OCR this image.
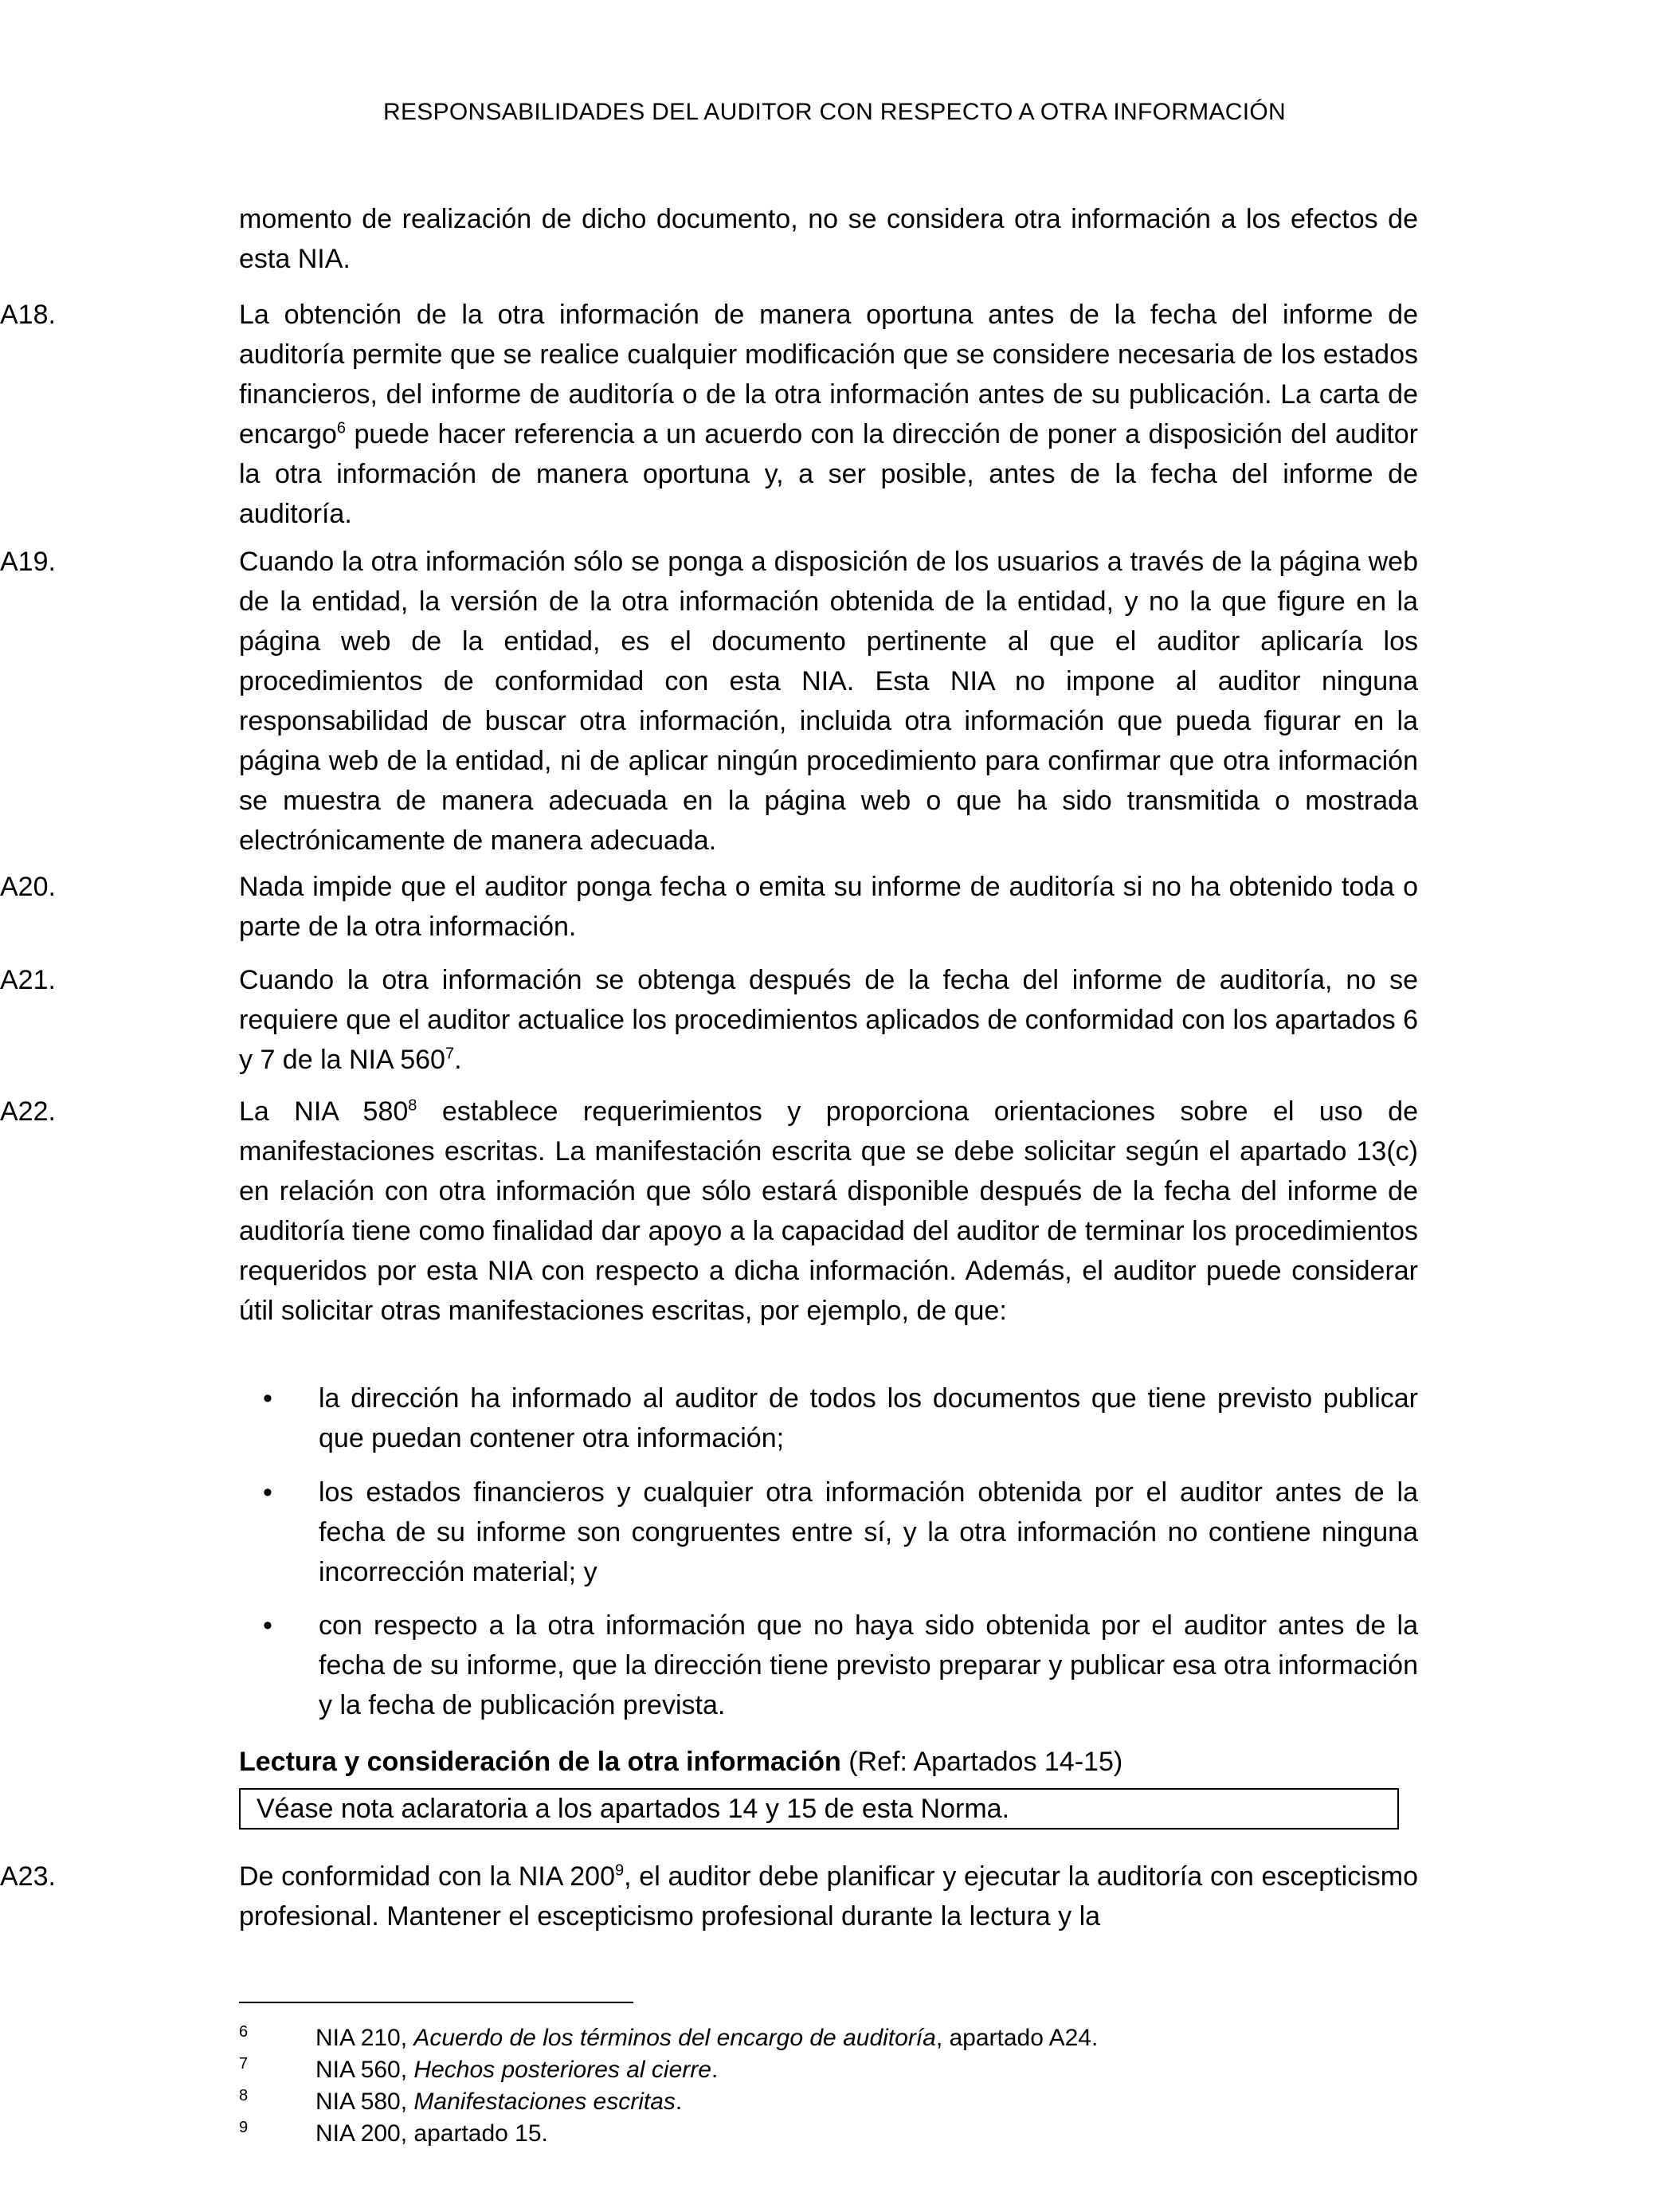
RESPONSABILIDADES DEL AUDITOR CON RESPECTO A OTRA INFORMACIÓN
momento de realización de dicho documento, no se considera otra información a los efectos de esta NIA.
A18.	La obtención de la otra información de manera oportuna antes de la fecha del informe de auditoría permite que se realice cualquier modificación que se considere necesaria de los estados financieros, del informe de auditoría o de la otra información antes de su publicación. La carta de encargo$^6$ puede hacer referencia a un acuerdo con la dirección de poner a disposición del auditor la otra información de manera oportuna y, a ser posible, antes de la fecha del informe de auditoría.
A19.	Cuando la otra información sólo se ponga a disposición de los usuarios a través de la página web de la entidad, la versión de la otra información obtenida de la entidad, y no la que figure en la página web de la entidad, es el documento pertinente al que el auditor aplicaría los procedimientos de conformidad con esta NIA. Esta NIA no impone al auditor ninguna responsabilidad de buscar otra información, incluida otra información que pueda figurar en la página web de la entidad, ni de aplicar ningún procedimiento para confirmar que otra información se muestra de manera adecuada en la página web o que ha sido transmitida o mostrada electrónicamente de manera adecuada.
A20.	Nada impide que el auditor ponga fecha o emita su informe de auditoría si no ha obtenido toda o parte de la otra información.
A21.	Cuando la otra información se obtenga después de la fecha del informe de auditoría, no se requiere que el auditor actualice los procedimientos aplicados de conformidad con los apartados 6 y 7 de la NIA 560$^7$.
A22.	La NIA 580$^8$ establece requerimientos y proporciona orientaciones sobre el uso de manifestaciones escritas. La manifestación escrita que se debe solicitar según el apartado 13(c) en relación con otra información que sólo estará disponible después de la fecha del informe de auditoría tiene como finalidad dar apoyo a la capacidad del auditor de terminar los procedimientos requeridos por esta NIA con respecto a dicha información. Además, el auditor puede considerar útil solicitar otras manifestaciones escritas, por ejemplo, de que:
• la dirección ha informado al auditor de todos los documentos que tiene previsto publicar que puedan contener otra información;
• los estados financieros y cualquier otra información obtenida por el auditor antes de la fecha de su informe son congruentes entre sí, y la otra información no contiene ninguna incorrección material; y
• con respecto a la otra información que no haya sido obtenida por el auditor antes de la fecha de su informe, que la dirección tiene previsto preparar y publicar esa otra información y la fecha de publicación prevista.
Lectura y consideración de la otra información (Ref: Apartados 14-15)
Véase nota aclaratoria a los apartados 14 y 15 de esta Norma.
A23.	De conformidad con la NIA 200$^9$, el auditor debe planificar y ejecutar la auditoría con escepticismo profesional. Mantener el escepticismo profesional durante la lectura y la
6	NIA 210, Acuerdo de los términos del encargo de auditoría, apartado A24.
7	NIA 560, Hechos posteriores al cierre.
8	NIA 580, Manifestaciones escritas.
9	NIA 200, apartado 15.
